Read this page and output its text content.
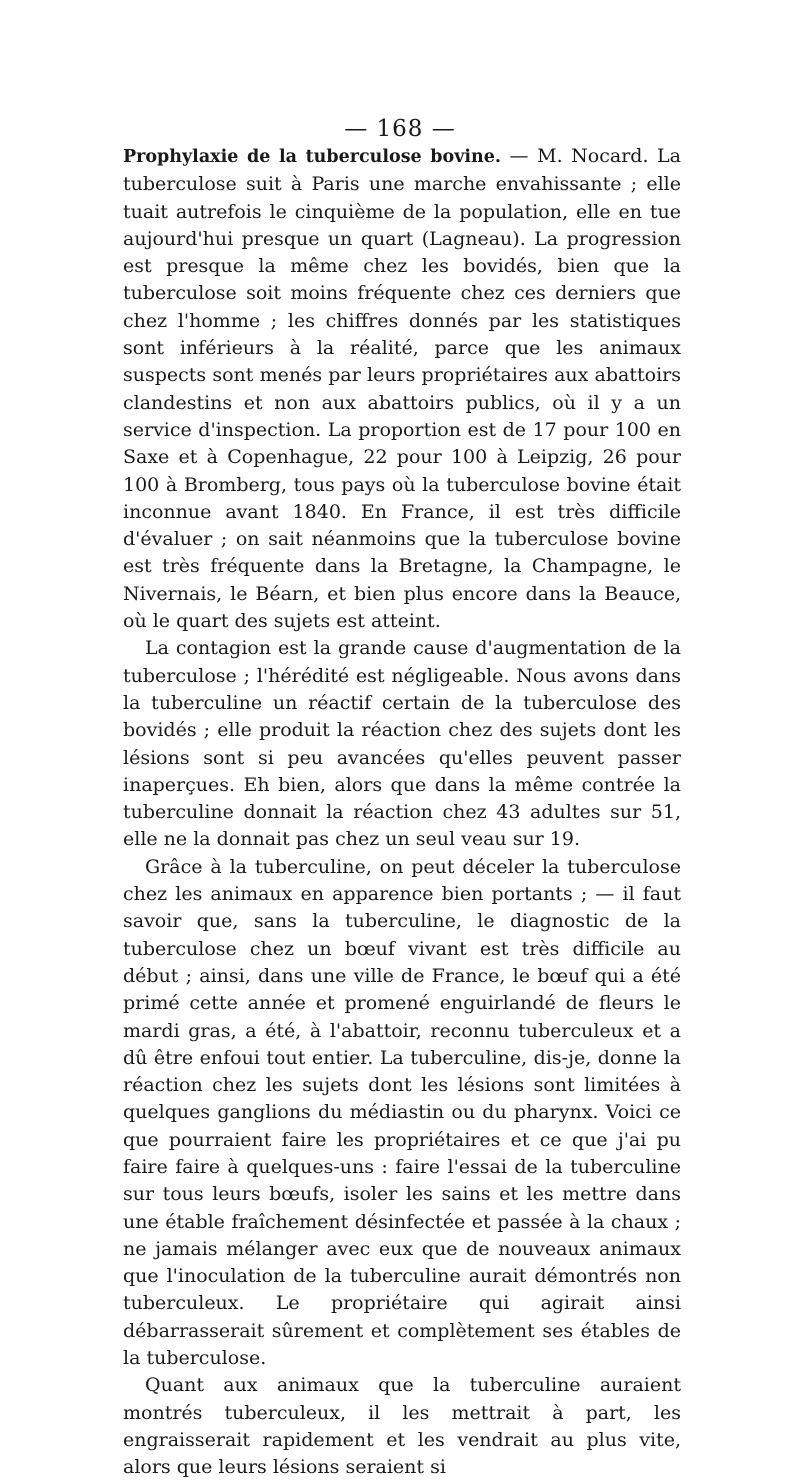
— 168 —

Prophylaxie de la tuberculose bovine. — M. Nocard. La tuberculose suit à Paris une marche envahissante ; elle tuait autrefois le cinquième de la population, elle en tue aujourd'hui presque un quart (Lagneau). La progression est presque la même chez les bovidés, bien que la tuberculose soit moins fréquente chez ces derniers que chez l'homme ; les chiffres donnés par les statistiques sont inférieurs à la réalité, parce que les animaux suspects sont menés par leurs propriétaires aux abattoirs clandestins et non aux abattoirs publics, où il y a un service d'inspection. La proportion est de 17 pour 100 en Saxe et à Copenhague, 22 pour 100 à Leipzig, 26 pour 100 à Bromberg, tous pays où la tuberculose bovine était inconnue avant 1840. En France, il est très difficile d'évaluer ; on sait néanmoins que la tuberculose bovine est très fréquente dans la Bretagne, la Champagne, le Nivernais, le Béarn, et bien plus encore dans la Beauce, où le quart des sujets est atteint.

La contagion est la grande cause d'augmentation de la tuberculose ; l'hérédité est négligeable. Nous avons dans la tuberculine un réactif certain de la tuberculose des bovidés ; elle produit la réaction chez des sujets dont les lésions sont si peu avancées qu'elles peuvent passer inaperçues. Eh bien, alors que dans la même contrée la tuberculine donnait la réaction chez 43 adultes sur 51, elle ne la donnait pas chez un seul veau sur 19.

Grâce à la tuberculine, on peut déceler la tuberculose chez les animaux en apparence bien portants ; — il faut savoir que, sans la tuberculine, le diagnostic de la tuberculose chez un bœuf vivant est très difficile au début ; ainsi, dans une ville de France, le bœuf qui a été primé cette année et promené enguirlandé de fleurs le mardi gras, a été, à l'abattoir, reconnu tuberculeux et a dû être enfoui tout entier. La tuberculine, dis-je, donne la réaction chez les sujets dont les lésions sont limitées à quelques ganglions du médiastin ou du pharynx. Voici ce que pourraient faire les propriétaires et ce que j'ai pu faire faire à quelques-uns : faire l'essai de la tuberculine sur tous leurs bœufs, isoler les sains et les mettre dans une étable fraîchement désinfectée et passée à la chaux ; ne jamais mélanger avec eux que de nouveaux animaux que l'inoculation de la tuberculine aurait démontrés non tuberculeux. Le propriétaire qui agirait ainsi débarrasserait sûrement et complètement ses étables de la tuberculose.

Quant aux animaux que la tuberculine auraient montrés tuberculeux, il les mettrait à part, les engraisserait rapidement et les vendrait au plus vite, alors que leurs lésions seraient si
